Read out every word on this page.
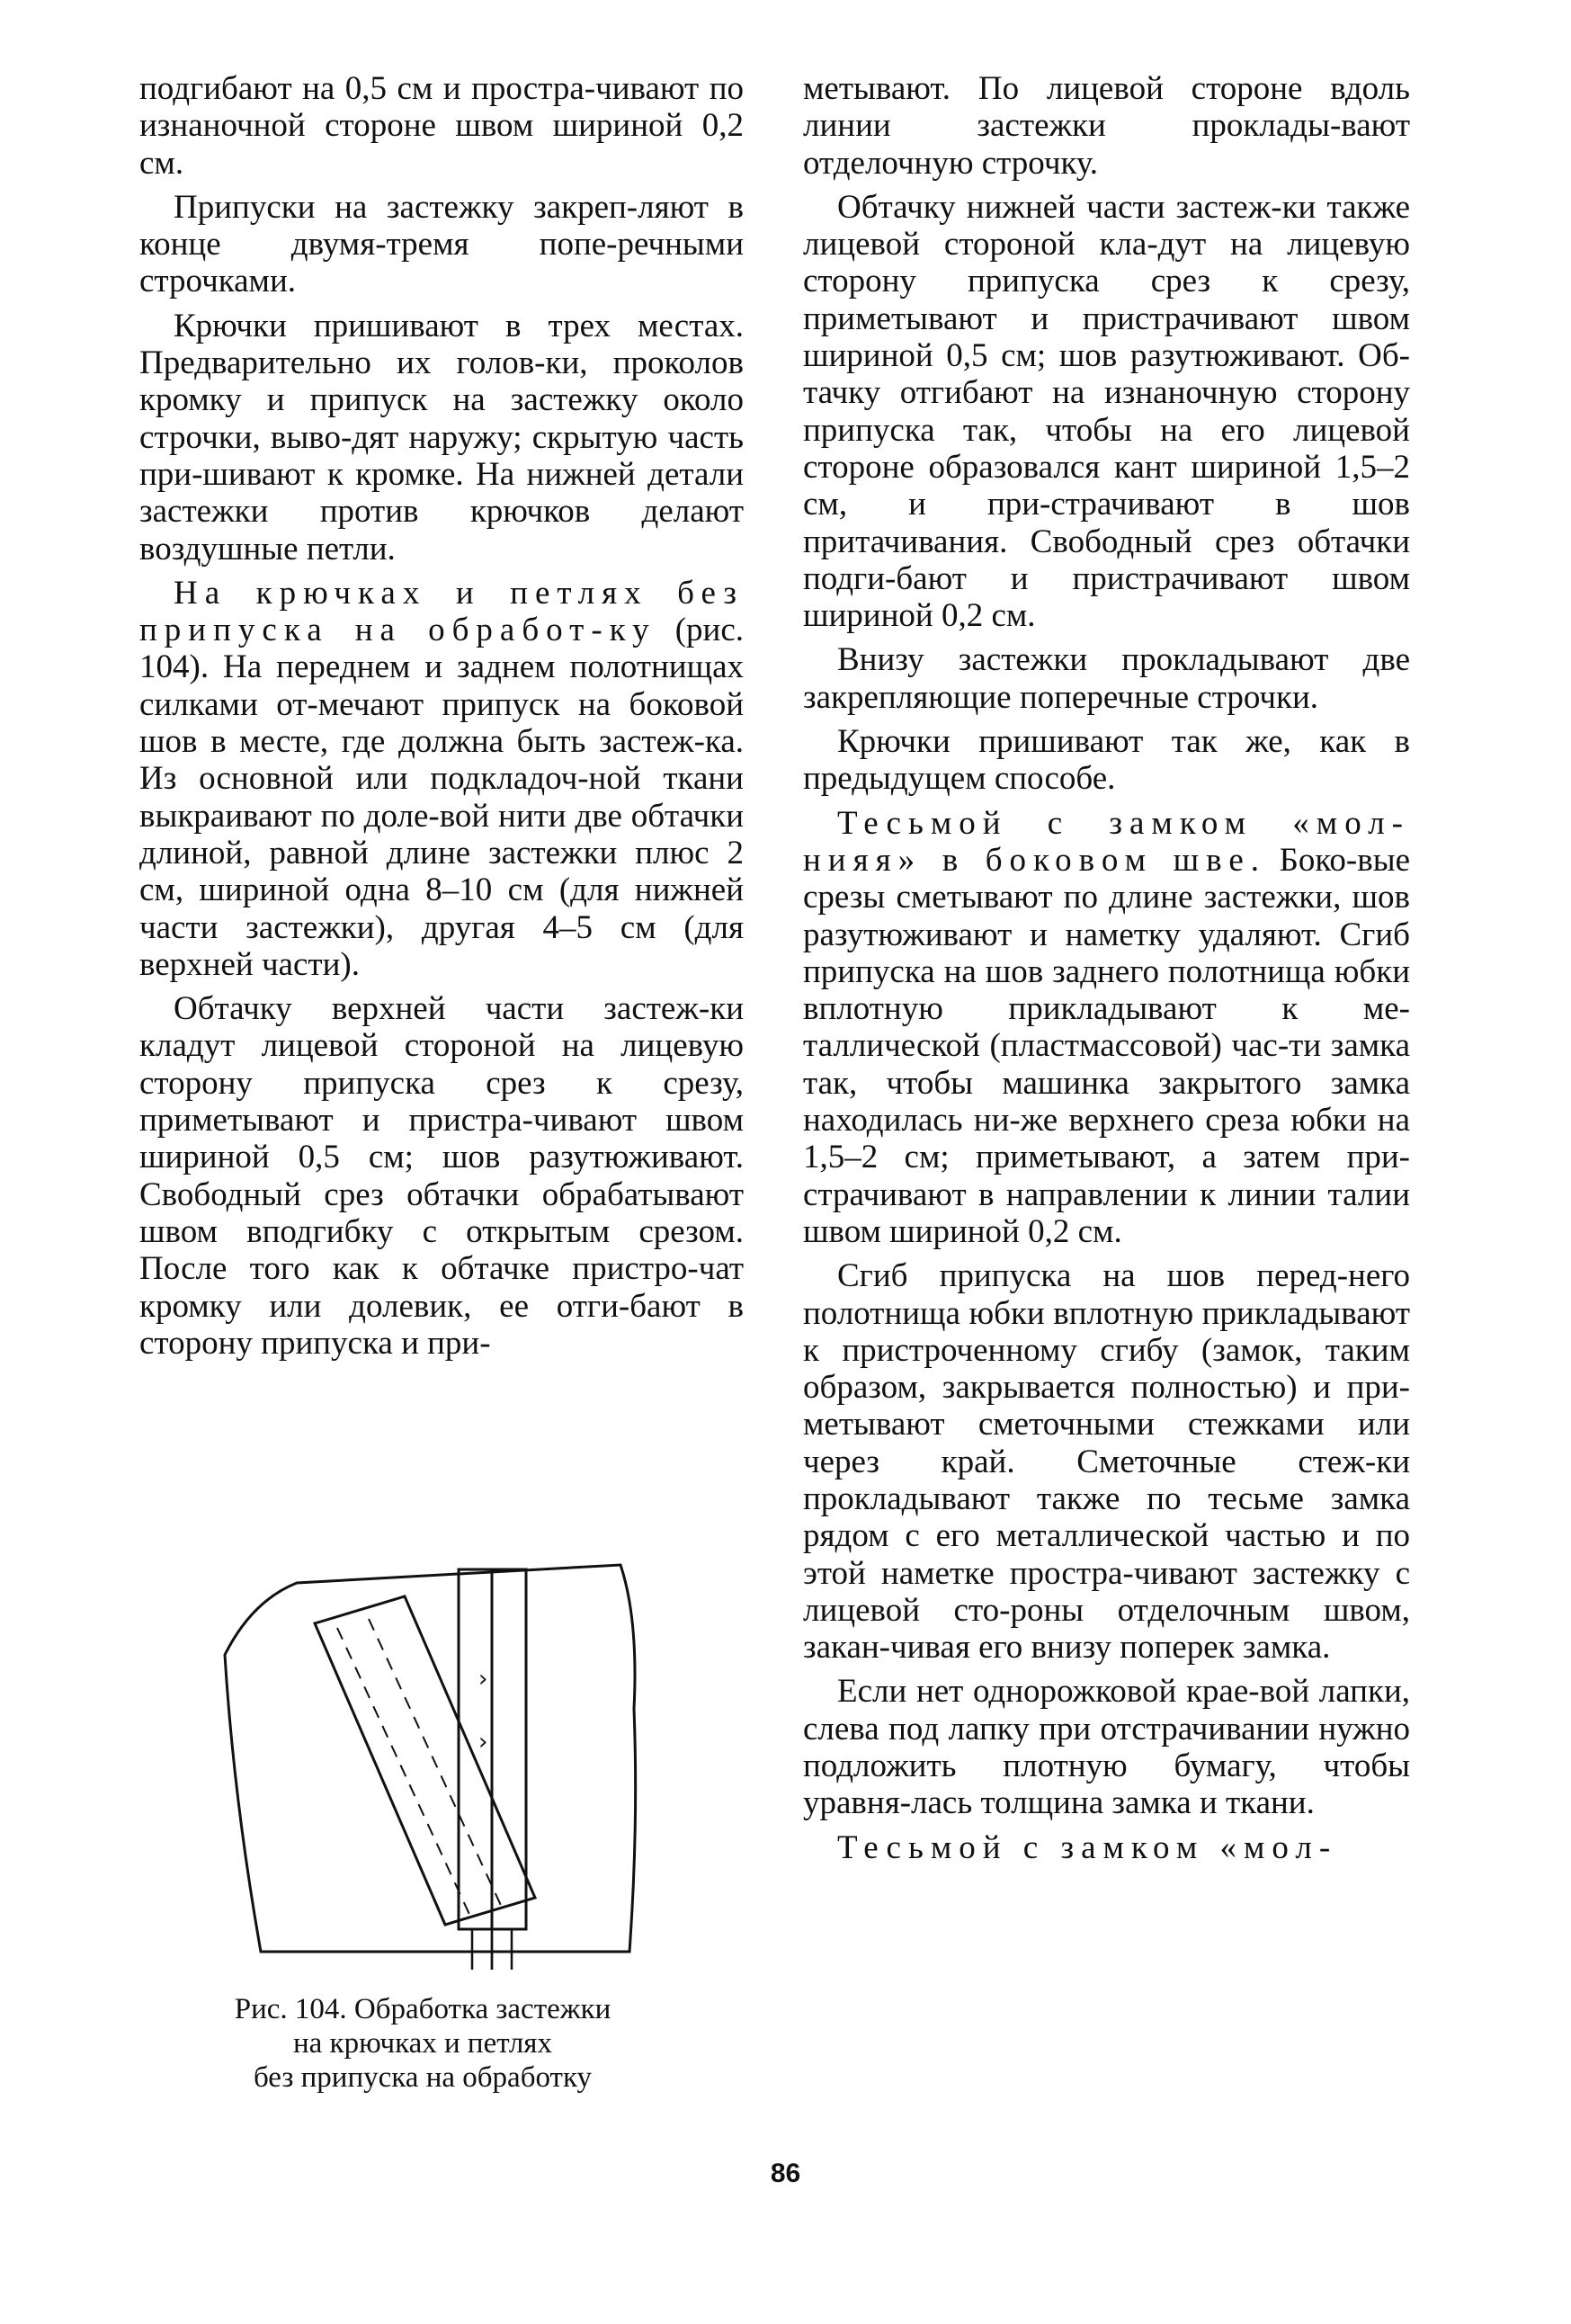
подгибают на 0,5 см и простра-чивают по изнаночной стороне швом шириной 0,2 см.

Припуски на застежку закреп-ляют в конце двумя-тремя попе-речными строчками.

Крючки пришивают в трех местах. Предварительно их голов-ки, проколов кромку и припуск на застежку около строчки, выво-дят наружу; скрытую часть при-шивают к кромке. На нижней детали застежки против крючков делают воздушные петли.

На крючках и петлях без припуска на обработ-ку (рис. 104). На переднем и заднем полотнищах силками от-мечают припуск на боковой шов в месте, где должна быть застеж-ка. Из основной или подкладоч-ной ткани выкраивают по доле-вой нити две обтачки длиной, равной длине застежки плюс 2 см, шириной одна 8–10 см (для нижней части застежки), другая 4–5 см (для верхней части).

Обтачку верхней части застеж-ки кладут лицевой стороной на лицевую сторону припуска срез к срезу, приметывают и пристра-чивают швом шириной 0,5 см; шов разутюживают. Свободный срез обтачки обрабатывают швом вподгибку с открытым срезом. После того как к обтачке пристро-чат кромку или долевик, ее отги-бают в сторону припуска и при-

метывают. По лицевой стороне вдоль линии застежки проклады-вают отделочную строчку.

Обтачку нижней части застеж-ки также лицевой стороной кла-дут на лицевую сторону припуска срез к срезу, приметывают и пристрачивают швом шириной 0,5 см; шов разутюживают. Об-тачку отгибают на изнаночную сторону припуска так, чтобы на его лицевой стороне образовался кант шириной 1,5–2 см, и при-страчивают в шов притачивания. Свободный срез обтачки подги-бают и пристрачивают швом шириной 0,2 см.

Внизу застежки прокладывают две закрепляющие поперечные строчки.

Крючки пришивают так же, как в предыдущем способе.

Тесьмой с замком «мол-нияя» в боковом шве. Боко-вые срезы сметывают по длине застежки, шов разутюживают и наметку удаляют. Сгиб припуска на шов заднего полотнища юбки вплотную прикладывают к ме-таллической (пластмассовой) час-ти замка так, чтобы машинка закрытого замка находилась ни-же верхнего среза юбки на 1,5–2 см; приметывают, а затем при-страчивают в направлении к линии талии швом шириной 0,2 см.

Сгиб припуска на шов перед-него полотнища юбки вплотную прикладывают к пристроченному сгибу (замок, таким образом, закрывается полностью) и при-метывают сметочными стежками или через край. Сметочные стеж-ки прокладывают также по тесьме замка рядом с его металлической частью и по этой наметке простра-чивают застежку с лицевой сто-роны отделочным швом, закан-чивая его внизу поперек замка.

Если нет однорожковой крае-вой лапки, слева под лапку при отстрачивании нужно подложить плотную бумагу, чтобы уравня-лась толщина замка и ткани.

Тесьмой с замком «мол-

›
›
Рис. 104. Обработка застежки
на крючках и петлях
без припуска на обработку
86
